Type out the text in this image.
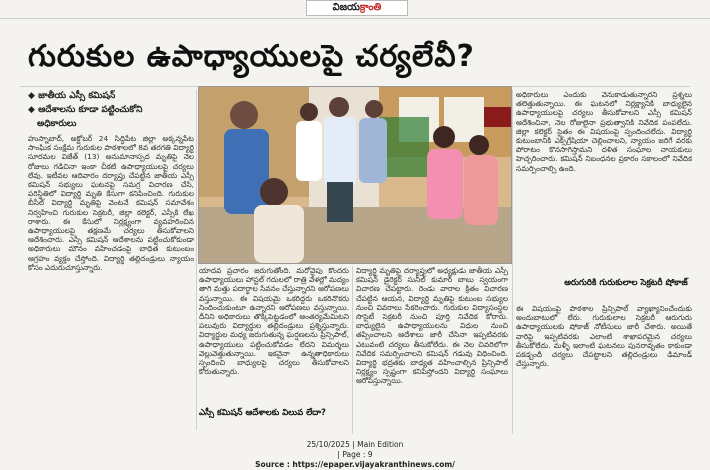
విజయక్రాంతి
గురుకుల ఉపాధ్యాయులపై చర్యలేవీ?
◆ జాతీయ ఎస్సీ కమిషన్
◆ ఆదేశాలను కూడా పట్టించుకోని
అధికారులు
హుస్నాబాద్, అక్టోబర్ 24 సిద్ధిపేట జిల్లా అక్కన్నపేట సాంఘిక సంక్షేమ గురుకుల పాఠశాలలో 8వ తరగతి విద్యార్థి సూరమల విజేత్ (13) అనుమానాస్పద మృతిపై నెల రోజులు గడిచినా ఇంకా చీకటి ఉపాధ్యాయులపై చర్యలు లేవు. ఇటీవల ఆదివారం దర్యాప్తు చేపట్టిన జాతీయ ఎస్సీ కమిషన్ సభ్యులు ఘటనపై సమగ్ర విచారణ చేసి, పరిస్థితిలో విద్యార్థి మృతి కేసుగా కనిపించింది. గురుకుల బీసీల్ విద్యార్థి మృతిపై వెంటనే కమిషన్ సమావేశం నిర్వహించి గురుకుల సెక్రటరీ, జిల్లా కలెక్టర్, ఎస్పీకి లేఖ రాశారు. ఈ కేసులో నిర్లక్ష్యంగా వ్యవహరించిన ఉపాధ్యాయులపై తక్షణమే చర్యలు తీసుకోవాలని ఆదేశించారు. ఎస్సీ కమిషన్ ఆదేశాలను పట్టించుకోకుండా అధికారులు మౌనం వహించడంపై బాధిత కుటుంబం ఆగ్రహం వ్యక్తం చేస్తోంది. విద్యార్థి తల్లిదండ్రులు న్యాయం కోసం ఎదురుచూస్తున్నారు.	యాదవ ప్రచారం జరుగుతోంది. మరోవైపు కొందరు ఉపాధ్యాయులు హాస్టల్ గదులలో రాత్రి వేళల్లో మద్యం తాగి మత్తు పదార్థాల సేవనం చేస్తున్నారని ఆరోపణలు వస్తున్నాయి. ఈ విషయమై ఒకరిద్దరు ఒకరినొకరు నిందించుకుంటూ ఉన్నారని ఆరోపణలు వస్తున్నాయి. దీనిని అధికారులు తొక్కిపెట్టడంలో ఆంతర్యమేమిటని పలువురు విద్యార్థుల తల్లిదండ్రులు ప్రశ్నిస్తున్నారు. విద్యార్థుల మధ్య జరుగుతున్న ఘర్షణలను ప్రిన్సిపాల్, ఉపాధ్యాయులు పట్టించుకోవడం లేదని విమర్శలు వెల్లువెత్తుతున్నాయి. ఇకనైనా ఉన్నతాధికారులు స్పందించి బాధ్యులపై చర్యలు తీసుకోవాలని కోరుతున్నారు.
ఎస్సీ కమిషన్ ఆదేశాలకు విలువ లేదా?
విద్యార్థి మృతిపై దర్యాప్తులో అధ్యక్షుడు జాతీయ ఎస్సీ కమిషన్ డైరెక్టర్ సునీల్ కుమార్ బాబు స్వయంగా విచారణ చేపట్టారు. రెండు వారాల క్రితం విచారణ చేపట్టిన ఆయన, విద్యార్థి మృతిపై కుటుంబ సభ్యుల నుంచి వివరాలు సేకరించారు. గురుకుల విద్యాసంస్థల సొసైటీ సెక్రటరీ నుంచి పూర్తి నివేదిక కోరారు. బాధ్యులైన ఉపాధ్యాయులను విధుల నుంచి తప్పించాలని ఆదేశాలు జారీ చేసినా ఇప్పటివరకు ఎటువంటి చర్యలు తీసుకోలేదు. ఈ నెల చివరిలోగా నివేదిక సమర్పించాలని కమిషన్ గడువు విధించింది. విద్యార్థి భద్రతకు బాధ్యత వహించాల్సిన ప్రిన్సిపాల్ నిర్లక్ష్యం స్పష్టంగా కనిపిస్తోందని విద్యార్థి సంఘాలు ఆరోపిస్తున్నాయి.
అధికారులు ఎందుకు వెనుకాడుతున్నారని ప్రశ్నలు తలెత్తుతున్నాయి. ఈ ఘటనలో నిర్లక్ష్యానికి బాధ్యులైన ఉపాధ్యాయులపై చర్యలు తీసుకోవాలని ఎస్సీ కమిషన్ ఆదేశించినా, నెల రోజులైనా ప్రభుత్వానికి నివేదిక పంపలేదు. జిల్లా కలెక్టర్ సైతం ఈ విషయంపై స్పందించలేదు. విద్యార్థి కుటుంబానికి ఎక్స్‌గ్రేషియా చెల్లించాలని, న్యాయం జరిగే వరకు పోరాటం కొనసాగిస్తామని దళిత సంఘాల నాయకులు హెచ్చరించారు. కమిషన్ నిబంధనల ప్రకారం సకాలంలో నివేదిక సమర్పించాల్సి ఉంది.
అరుగురికి గురుకులాల సెక్రటరీ షోకాజ్
ఈ విషయంపై పాఠశాల ప్రిన్సిపాల్ వ్యాఖ్యానించేందుకు అందుబాటులో లేరు. గురుకులాల సెక్రటరీ ఆరుగురు ఉపాధ్యాయులకు షోకాజ్ నోటీసులు జారీ చేశారు. అయితే వారిపై ఇప్పటివరకు ఎలాంటి శాఖాపరమైన చర్యలు తీసుకోలేదు. మళ్ళీ ఇలాంటి ఘటనలు పునరావృతం కాకుండా పకడ్బందీ చర్యలు చేపట్టాలని తల్లిదండ్రులు డిమాండ్ చేస్తున్నారు.
25/10/2025 | Main Edition
| Page : 9
Source : https://epaper.vijayakranthinews.com/
